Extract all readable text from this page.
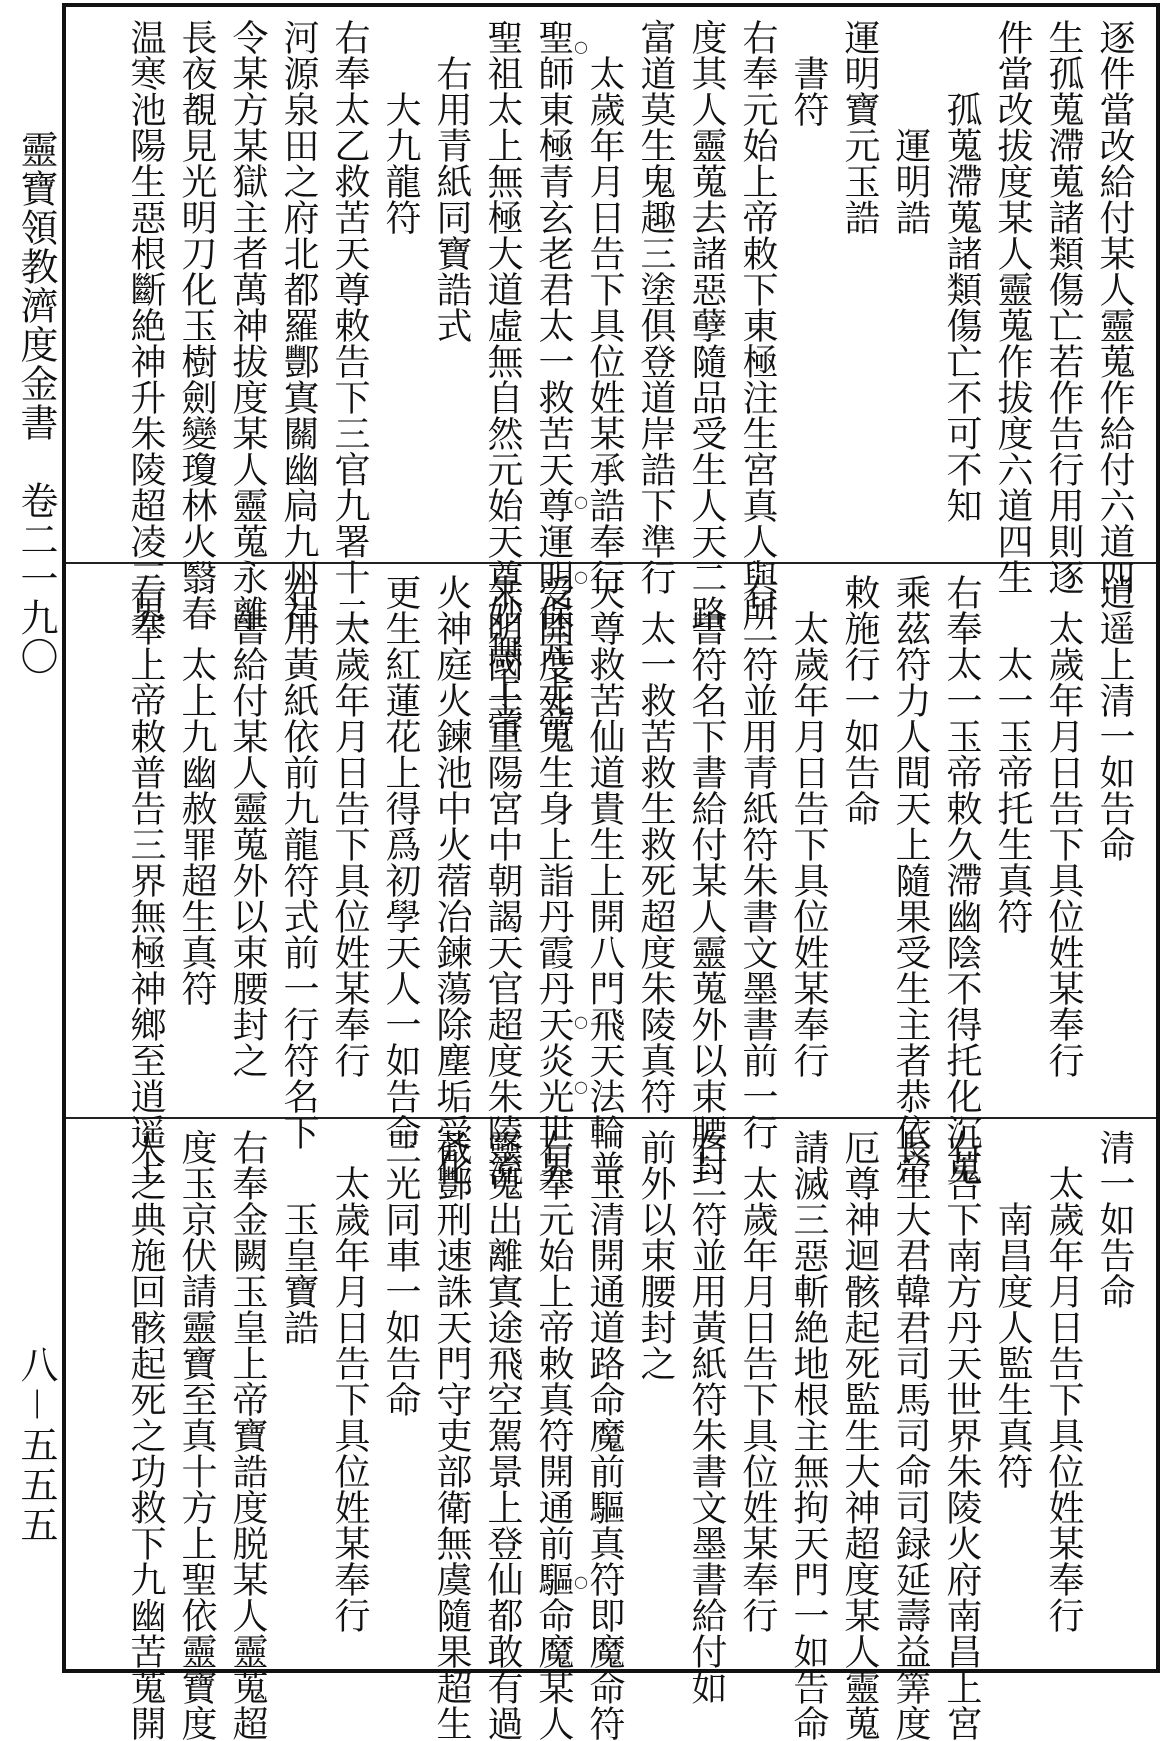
靈寶領教濟度金書　卷二一九〇
八－五五五
逐件當改給付某人靈蒐作給付六道四
生孤蒐滯蒐諸類傷亡若作告行用則逐
件當改拔度某人靈蒐作拔度六道四生
孤蒐滯蒐諸類傷亡不可不知
運明誥
運明寶元玉誥
書符
右奉元始上帝敕下東極注生宮真人與所
度其人靈蒐去諸惡孽隨品受生人天二路
富道莫生鬼趣三塗俱登道岸誥下準行
太歲年月日告下具位姓某承誥奉行
聖師東極青玄老君太一救苦天尊運明保元上帝
聖祖太上無極大道虛無自然元始天尊妙無上帝
右用青紙同寶誥式
大九龍符
右奉太乙救苦天尊敕告下三官九署十二
河源泉田之府北都羅酆寘關幽扃九州社
令某方某獄主者萬神拔度某人靈蒐永離
長夜覩見光明刀化玉樹劍變瓊林火翳春
温寒池陽生惡根斷絶神升朱陵超凌三界	○
○
逍遥上清一如告命
太歲年月日告下具位姓某奉行
太一玉帝托生真符
右奉太一玉帝敕久滯幽陰不得托化沉蒐
乘茲符力人間天上隨果受生主者恭依帝
敕施行一如告命
太歲年月日告下具位姓某奉行
右二符並用青紙符朱書文墨書前一行
書符名下書給付某人靈蒐外以束腰封
太一救苦救生救死超度朱陵真符
天尊救苦仙道貴生上開八門飛天法輪普
受開度死蒐生身上詣丹霞丹天炎光世界
朱明國土重陽宮中朝謁天官超度朱陵流
火神庭火鍊池中火蓿冶鍊蕩除塵垢受化
更生紅蓮花上得爲初學天人一如告命
太歲年月日告下具位姓某奉行
右用黃紙依前九龍符式前一行符名下
書給付某人靈蒐外以束腰封之
太上九幽赦罪超生真符
右奉上帝敕普告三界無極神鄉至逍遥上	○
○
清一如告命
太歲年月日告下具位姓某奉行
南昌度人監生真符
右告下南方丹天世界朱陵火府南昌上宮
長生大君韓君司馬司命司録延壽益筭度
厄尊神迴骸起死監生大神超度某人靈蒐
請滅三惡斬絶地根主無拘天門一如告命
太歲年月日告下具位姓某奉行
右二符並用黃紙符朱書文墨書給付如
前外以束腰封之
玉清開通道路命魔前驅真符即魔命符
右奉元始上帝敕真符開通前驅命魔某人
靈蒐出離寘途飛空駕景上登仙都敢有過
截酆刑速誅天門守吏部衛無虞隨果超生
三光同車一如告命
太歲年月日告下具位姓某奉行
玉皇寶誥
右奉金闕玉皇上帝寶誥度脱某人靈蒐超
度玉京伏請靈寶至真十方上聖依靈寶度
人之典施回骸起死之功救下九幽苦蒐開
○
○
